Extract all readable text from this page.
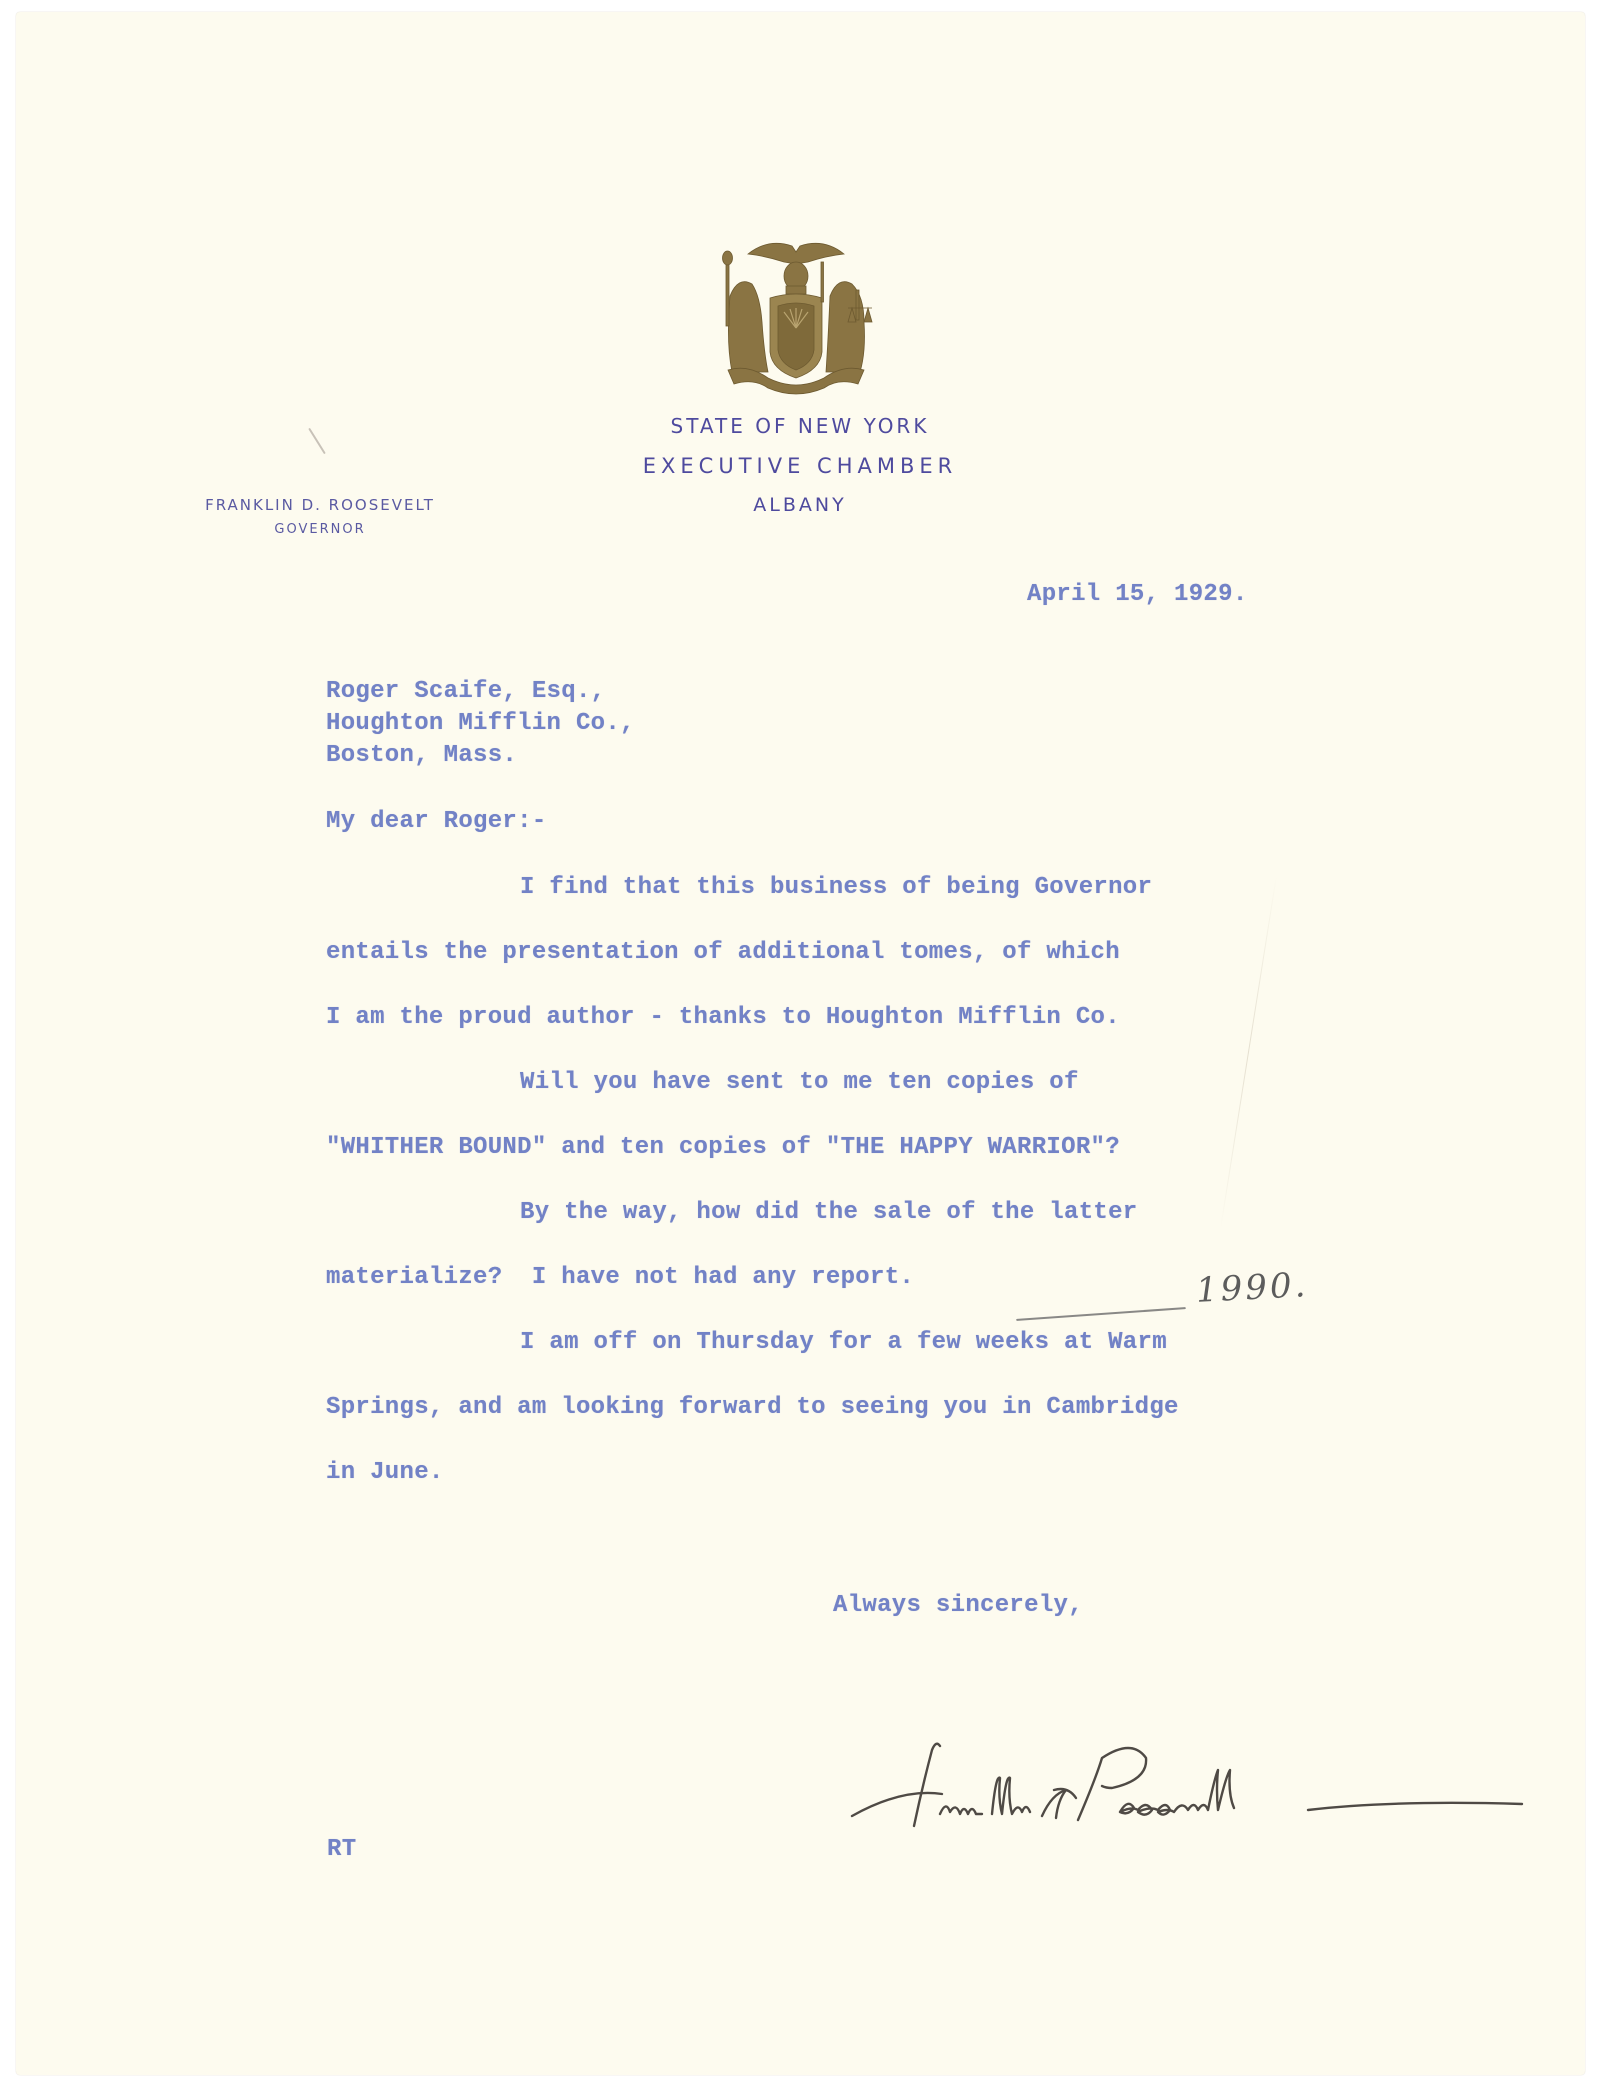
STATE OF NEW YORK
EXECUTIVE CHAMBER
ALBANY
FRANKLIN D. ROOSEVELT
GOVERNOR
April 15, 1929.
Roger Scaife, Esq.,
Houghton Mifflin Co.,
Boston, Mass.
My dear Roger:-
I find that this business of being Governor
entails the presentation of additional tomes, of which
I am the proud author - thanks to Houghton Mifflin Co.
Will you have sent to me ten copies of
"WHITHER BOUND" and ten copies of "THE HAPPY WARRIOR"?
By the way, how did the sale of the latter
materialize?  I have not had any report.
I am off on Thursday for a few weeks at Warm
Springs, and am looking forward to seeing you in Cambridge
in June.
1990.
Always sincerely,
RT
